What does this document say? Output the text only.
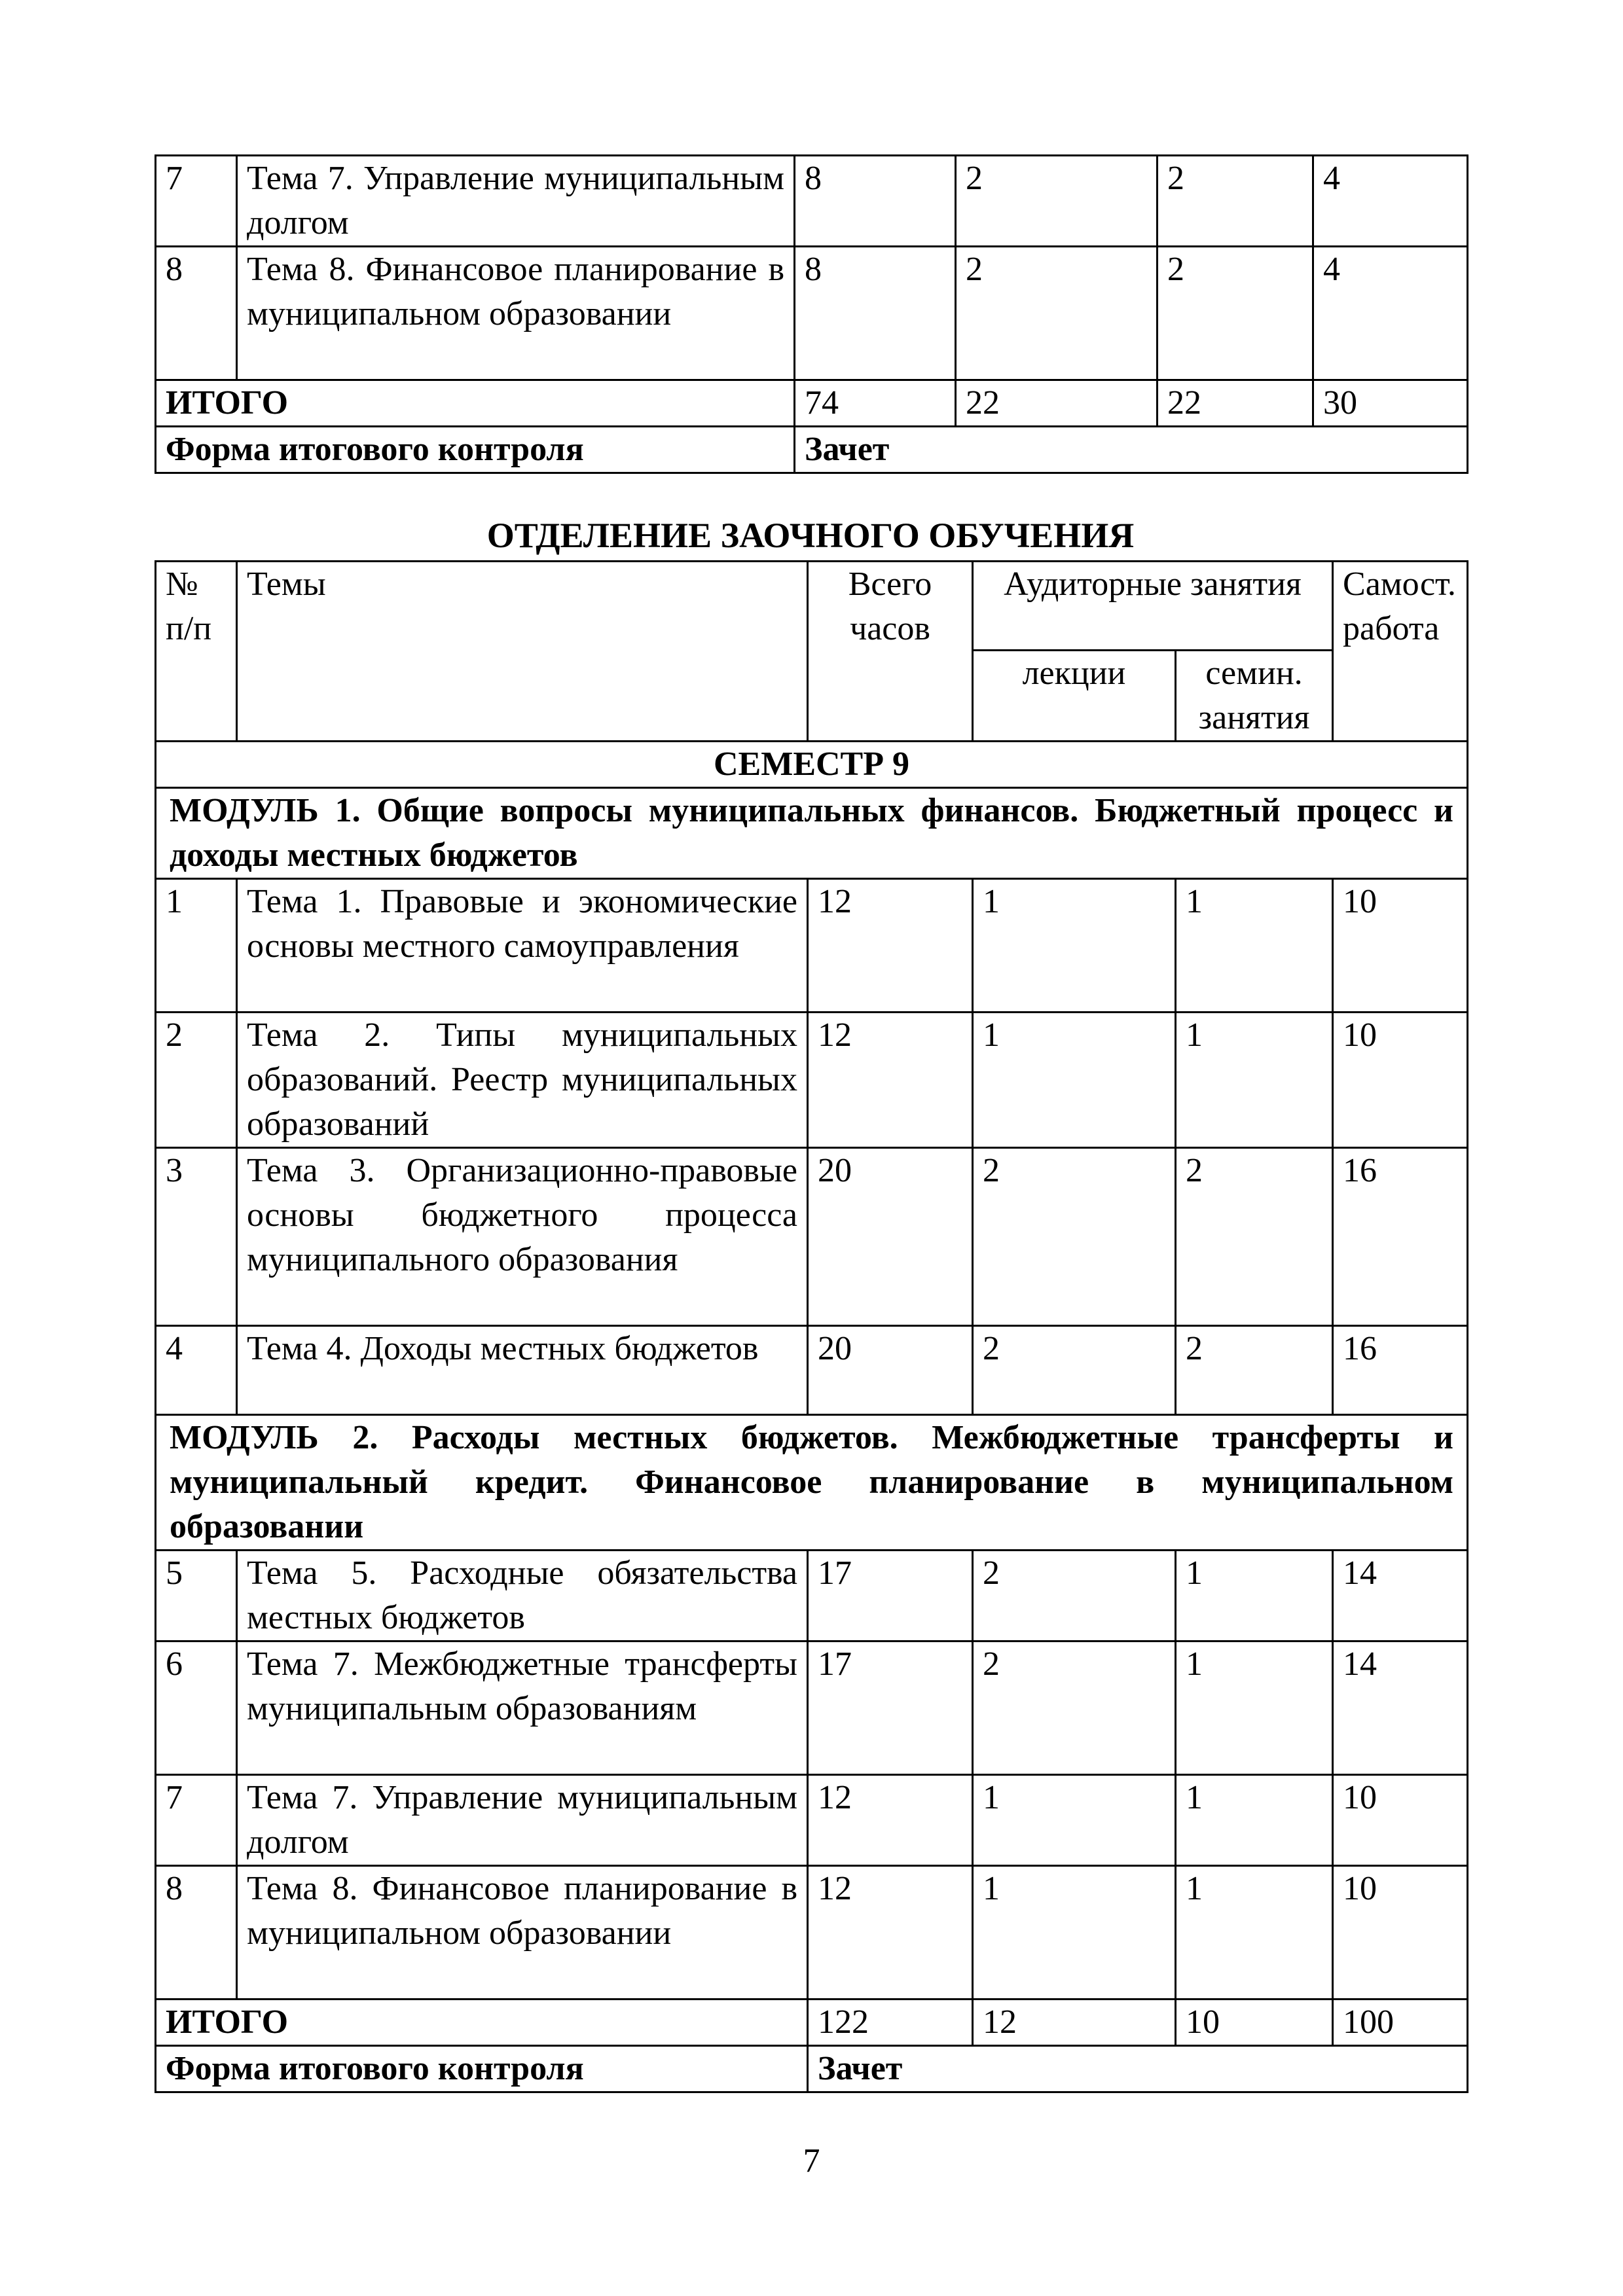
7	Тема 7. Управление муниципальным долгом	8	2	2	4
8	Тема 8. Финансовое планирование в муниципальном образовании	8	2	2	4
ИТОГО		74	22	22	30
Форма итогового контроля		Зачет			
ОТДЕЛЕНИЕ ЗАОЧНОГО ОБУЧЕНИЯ
№ п/п	Темы	Всего часов	Аудиторные занятия		Самост. работа
			лекции	семин. занятия	
СЕМЕСТР 9					
МОДУЛЬ 1. Общие вопросы муниципальных финансов. Бюджетный процесс и доходы местных бюджетов					
1	Тема 1. Правовые и экономические основы местного самоуправления	12	1	1	10
2	Тема 2. Типы муниципальных образований. Реестр муниципальных образований	12	1	1	10
3	Тема 3. Организационно-правовые основы бюджетного процесса муниципального образования	20	2	2	16
4	Тема 4. Доходы местных бюджетов	20	2	2	16
МОДУЛЬ 2. Расходы местных бюджетов. Межбюджетные трансферты и муниципальный кредит. Финансовое планирование в муниципальном образовании					
5	Тема 5. Расходные обязательства местных бюджетов	17	2	1	14
6	Тема 7. Межбюджетные трансферты муниципальным образованиям	17	2	1	14
7	Тема 7. Управление муниципальным долгом	12	1	1	10
8	Тема 8. Финансовое планирование в муниципальном образовании	12	1	1	10
ИТОГО		122	12	10	100
Форма итогового контроля		Зачет			
7
